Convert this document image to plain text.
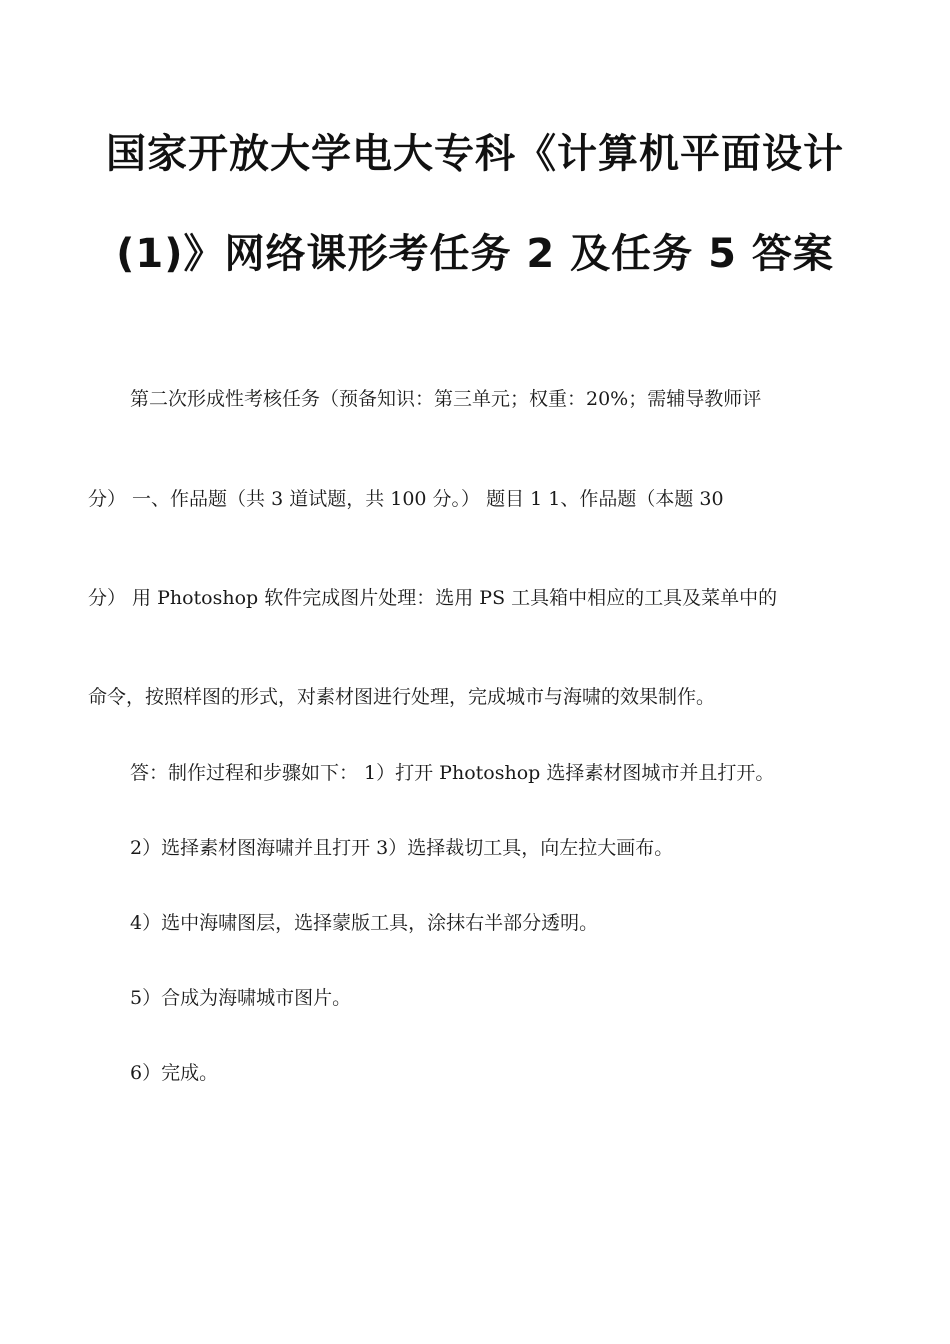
国家开放大学电大专科《计算机平面设计
(1)》网络课形考任务 2 及任务 5 答案
第二次形成性考核任务（预备知识：第三单元；权重：20%；需辅导教师评
分） 一、作品题（共 3 道试题，共 100 分。） 题目 1 1、作品题（本题 30
分） 用 Photoshop 软件完成图片处理：选用 PS 工具箱中相应的工具及菜单中的
命令，按照样图的形式，对素材图进行处理，完成城市与海啸的效果制作。
答：制作过程和步骤如下： 1）打开 Photoshop 选择素材图城市并且打开。
2）选择素材图海啸并且打开 3）选择裁切工具，向左拉大画布。
4）选中海啸图层，选择蒙版工具，涂抹右半部分透明。
5）合成为海啸城市图片。
6）完成。
